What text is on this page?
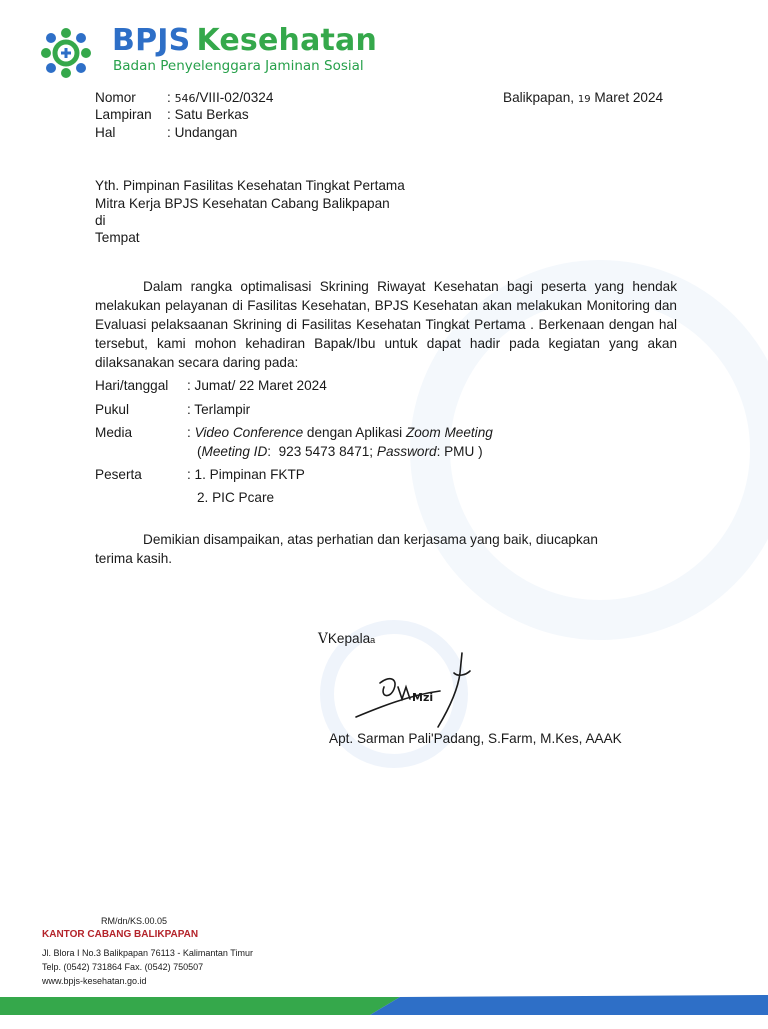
BPJS Kesehatan
Badan Penyelenggara Jaminan Sosial
Nomor : 546/VIII-02/0324
Lampiran : Satu Berkas
Hal	: Undangan
Balikpapan, 19 Maret 2024
Yth. Pimpinan Fasilitas Kesehatan Tingkat Pertama
Mitra Kerja BPJS Kesehatan Cabang Balikpapan
di
Tempat
Dalam rangka optimalisasi Skrining Riwayat Kesehatan bagi peserta yang hendak melakukan pelayanan di Fasilitas Kesehatan, BPJS Kesehatan akan melakukan Monitoring dan Evaluasi pelaksaanan Skrining di Fasilitas Kesehatan Tingkat Pertama . Berkenaan dengan hal tersebut, kami mohon kehadiran Bapak/Ibu untuk dapat hadir pada kegiatan yang akan dilaksanakan secara daring pada:
Hari/tanggal : Jumat/ 22 Maret 2024
Pukul	: Terlampir
Media	: Video Conference dengan Aplikasi Zoom Meeting
(Meeting ID:  923 5473 8471; Password: PMU )
Peserta	: 1. Pimpinan FKTP
2. PIC Pcare
Demikian disampaikan, atas perhatian dan kerjasama yang baik, diucapkan
terima kasih.
VKepalaa
Mzi
Apt. Sarman Pali'Padang, S.Farm, M.Kes, AAAK
RM/dn/KS.00.05
KANTOR CABANG BALIKPAPAN
Jl. Blora I No.3 Balikpapan 76113 - Kalimantan Timur
Telp. (0542) 731864 Fax. (0542) 750507
www.bpjs-kesehatan.go.id
